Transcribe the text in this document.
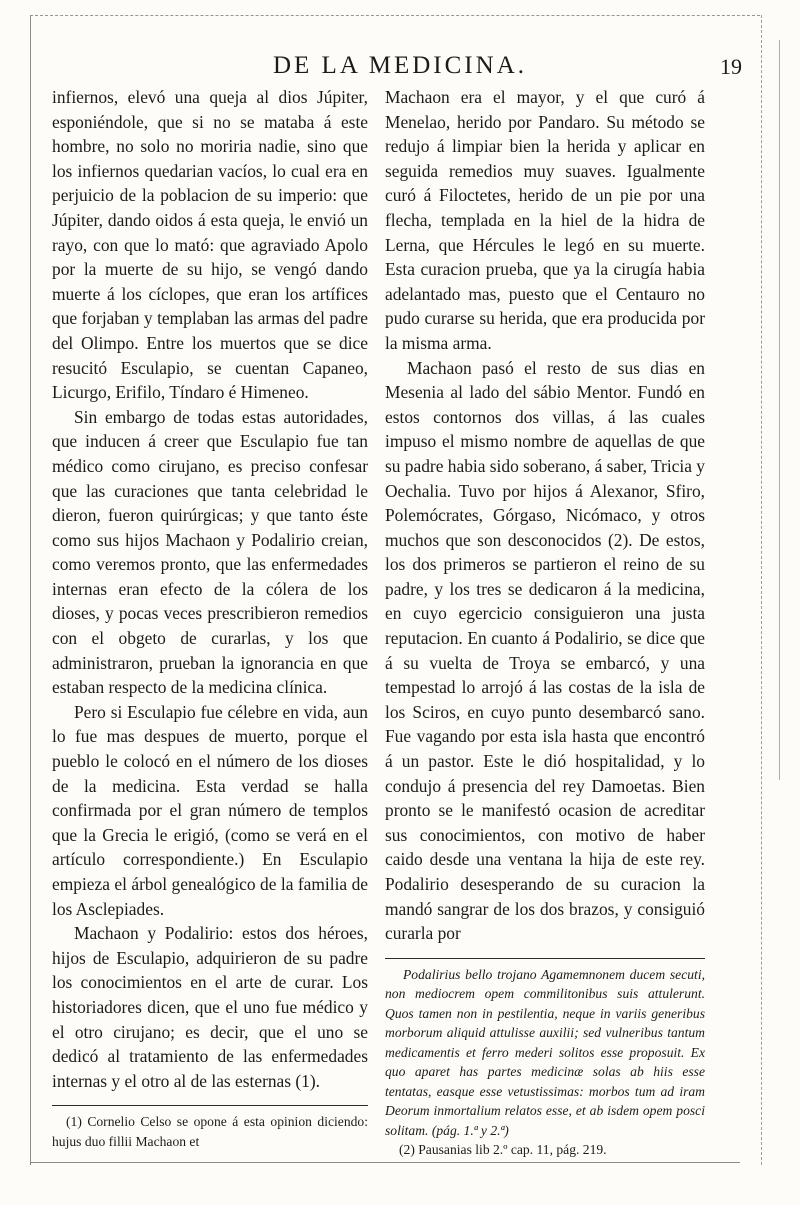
DE LA MEDICINA.	19

infiernos, elevó una queja al dios Júpiter, esponiéndole, que si no se mataba á este hombre, no solo no moriria nadie, sino que los infiernos quedarian vacíos, lo cual era en perjuicio de la poblacion de su imperio: que Júpiter, dando oidos á esta queja, le envió un rayo, con que lo mató: que agraviado Apolo por la muerte de su hijo, se vengó dando muerte á los cíclopes, que eran los artífices que forjaban y templaban las armas del padre del Olimpo. Entre los muertos que se dice resucitó Esculapio, se cuentan Capaneo, Licurgo, Erifilo, Tíndaro é Himeneo.

Sin embargo de todas estas autoridades, que inducen á creer que Esculapio fue tan médico como cirujano, es preciso confesar que las curaciones que tanta celebridad le dieron, fueron quirúrgicas; y que tanto éste como sus hijos Machaon y Podalirio creian, como veremos pronto, que las enfermedades internas eran efecto de la cólera de los dioses, y pocas veces prescribieron remedios con el obgeto de curarlas, y los que administraron, prueban la ignorancia en que estaban respecto de la medicina clínica.

Pero si Esculapio fue célebre en vida, aun lo fue mas despues de muerto, porque el pueblo le colocó en el número de los dioses de la medicina. Esta verdad se halla confirmada por el gran número de templos que la Grecia le erigió, (como se verá en el artículo correspondiente.) En Esculapio empieza el árbol genealógico de la familia de los Asclepiades.

Machaon y Podalirio: estos dos héroes, hijos de Esculapio, adquirieron de su padre los conocimientos en el arte de curar. Los historiadores dicen, que el uno fue médico y el otro cirujano; es decir, que el uno se dedicó al tratamiento de las enfermedades internas y el otro al de las esternas (1).

(1) Cornelio Celso se opone á esta opinion diciendo: hujus duo fillii Machaon et

Machaon era el mayor, y el que curó á Menelao, herido por Pandaro. Su método se redujo á limpiar bien la herida y aplicar en seguida remedios muy suaves. Igualmente curó á Filoctetes, herido de un pie por una flecha, templada en la hiel de la hidra de Lerna, que Hércules le legó en su muerte. Esta curacion prueba, que ya la cirugía habia adelantado mas, puesto que el Centauro no pudo curarse su herida, que era producida por la misma arma.

Machaon pasó el resto de sus dias en Mesenia al lado del sábio Mentor. Fundó en estos contornos dos villas, á las cuales impuso el mismo nombre de aquellas de que su padre habia sido soberano, á saber, Tricia y Oechalia. Tuvo por hijos á Alexanor, Sfiro, Polemócrates, Górgaso, Nicómaco, y otros muchos que son desconocidos (2). De estos, los dos primeros se partieron el reino de su padre, y los tres se dedicaron á la medicina, en cuyo egercicio consiguieron una justa reputacion. En cuanto á Podalirio, se dice que á su vuelta de Troya se embarcó, y una tempestad lo arrojó á las costas de la isla de los Sciros, en cuyo punto desembarcó sano. Fue vagando por esta isla hasta que encontró á un pastor. Este le dió hospitalidad, y lo condujo á presencia del rey Damoetas. Bien pronto se le manifestó ocasion de acreditar sus conocimientos, con motivo de haber caido desde una ventana la hija de este rey. Podalirio desesperando de su curacion la mandó sangrar de los dos brazos, y consiguió curarla por

Podalirius bello trojano Agamemnonem ducem secuti, non mediocrem opem commilitonibus suis attulerunt. Quos tamen non in pestilentia, neque in variis generibus morborum aliquid attulisse auxilii; sed vulneribus tantum medicamentis et ferro mederi solitos esse proposuit. Ex quo aparet has partes medicinæ solas ab hiis esse tentatas, easque esse vetustissimas: morbos tum ad iram Deorum inmortalium relatos esse, et ab isdem opem posci solitam. (pág. 1.ª y 2.ª)

(2) Pausanias lib 2.º cap. 11, pág. 219.
